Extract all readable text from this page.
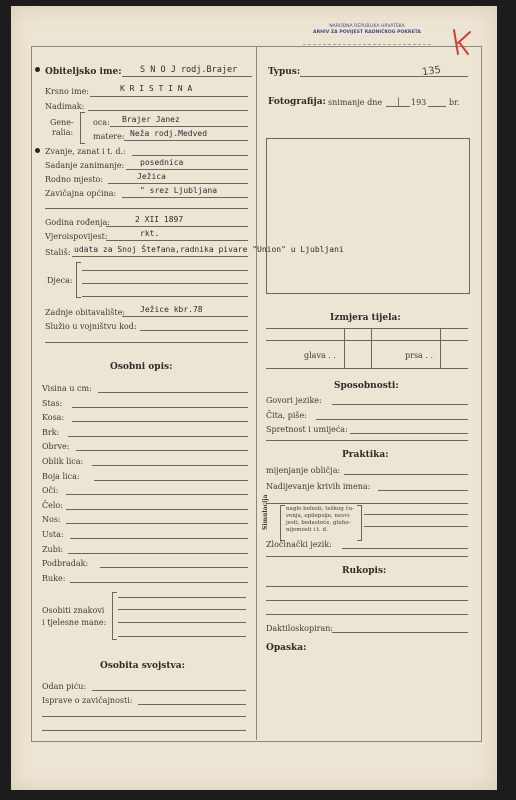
NARODNA REPUBLIKA HRVATSKA
ARHIV ZA POVIJEST RADNIČKOG POKRETA
135
Obiteljsko ime: S N O J rodj.Brajer
Krsno ime:	K R I S T I N A
Nadimak:
Gene-
ralia:
oca: Brajer Janez
matere: Neža rodj.Medved
Zvanje, zanat i t. d.:
Sadanje zanimanje: posednica
Rodno mjesto:	Ježica
Zavičajna općina:	" srez Ljubljana
Godina rođenja:	2 XII 1897
Vjeroispovijest:	rkt.
Stališ: udata za Snoj Štefana,radnika pivare "Union" u Ljubljani
Djeca:
Zadnje obitavalište: Ježice kbr.78
Služio u vojništvu kod:
Osobni opis:
Visina u cm:
Stas:
Kosa:
Brk:
Obrve:
Oblik lica:
Boja lica:
Oči:
Čelo:
Nos:
Usta:
Zubi:
Podbradak:
Ruke:
Osobiti znakovi
i tjelesne mane:
Osobita svojstva:
Odan piću:
Isprave o zavičajnosti:
Typus:
Fotografija: snimanje dne | 193	br.
Izmjera tijela:
glava . .	prsa . .
Sposobnosti:
Govori jezike:
Čita, piše:
Spretnost i umijeća:
Praktika:
mijenjanje obličja:
Nadijevanje krivih imena:
Simulacija	naglo bolesti, teškog ču-
venja, epilepsije, nesvi-
jesti, bedastoće, gluho-
nijemosti i t. d.
Zločinački jezik:
Rukopis:
Daktiloskopiran:
Opaska:
